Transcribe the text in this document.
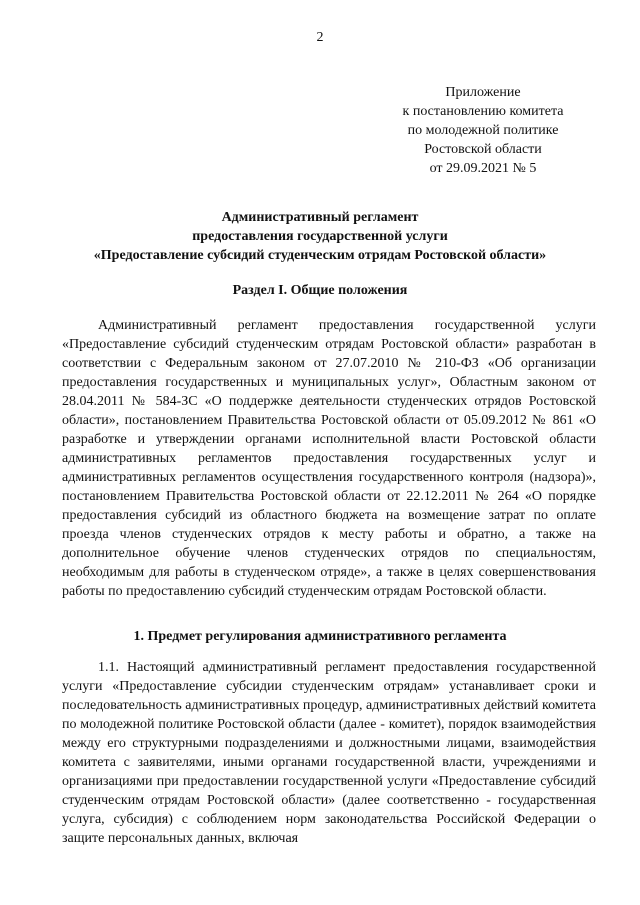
2
Приложение
к постановлению комитета
по молодежной политике
Ростовской области
от 29.09.2021 № 5
Административный регламент
предоставления государственной услуги
«Предоставление субсидий студенческим отрядам Ростовской области»
Раздел I. Общие положения
Административный регламент предоставления государственной услуги «Предоставление субсидий студенческим отрядам Ростовской области» разработан в соответствии с Федеральным законом от 27.07.2010 № 210-ФЗ «Об организации предоставления государственных и муниципальных услуг», Областным законом от 28.04.2011 № 584-ЗС «О поддержке деятельности студенческих отрядов Ростовской области», постановлением Правительства Ростовской области от 05.09.2012 № 861 «О разработке и утверждении органами исполнительной власти Ростовской области административных регламентов предоставления государственных услуг и административных регламентов осуществления государственного контроля (надзора)», постановлением Правительства Ростовской области от 22.12.2011 № 264 «О порядке предоставления субсидий из областного бюджета на возмещение затрат по оплате проезда членов студенческих отрядов к месту работы и обратно, а также на дополнительное обучение членов студенческих отрядов по специальностям, необходимым для работы в студенческом отряде», а также в целях совершенствования работы по предоставлению субсидий студенческим отрядам Ростовской области.
1. Предмет регулирования административного регламента
1.1. Настоящий административный регламент предоставления государственной услуги «Предоставление субсидии студенческим отрядам» устанавливает сроки и последовательность административных процедур, административных действий комитета по молодежной политике Ростовской области (далее - комитет), порядок взаимодействия между его структурными подразделениями и должностными лицами, взаимодействия комитета с заявителями, иными органами государственной власти, учреждениями и организациями при предоставлении государственной услуги «Предоставление субсидий студенческим отрядам Ростовской области» (далее соответственно - государственная услуга, субсидия) с соблюдением норм законодательства Российской Федерации о защите персональных данных, включая
